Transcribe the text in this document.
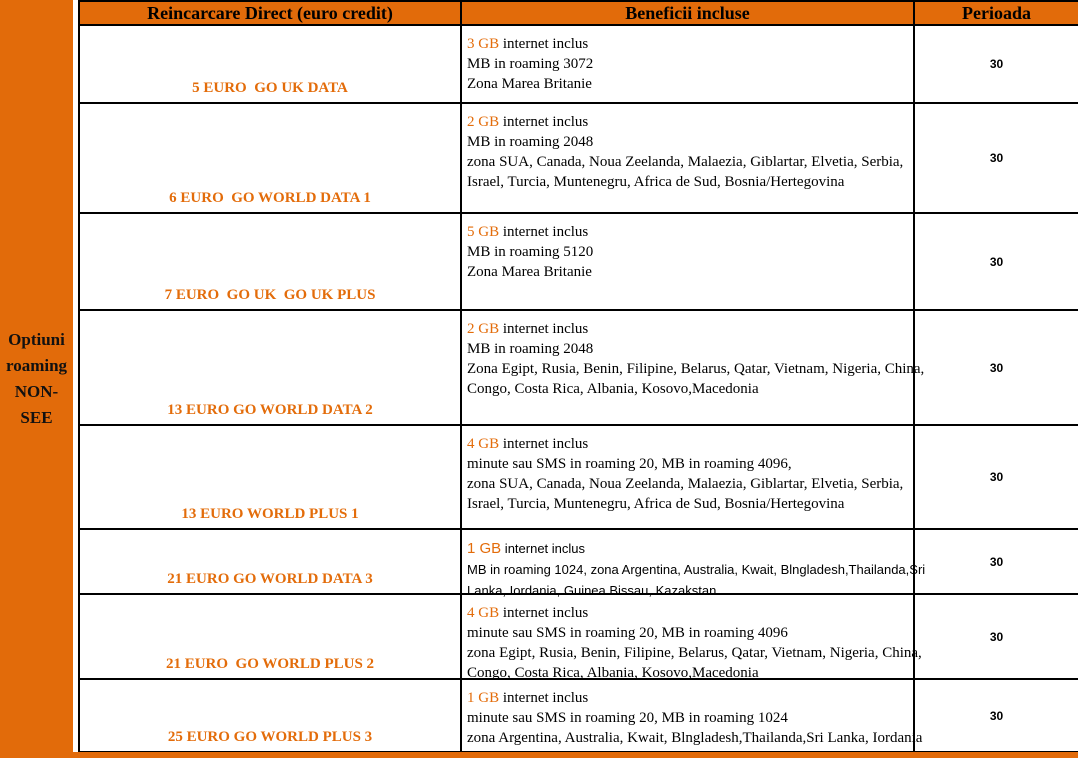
Optiuni roaming NON-SEE
Reincarcare Direct (euro credit)	Beneficii incluse	Perioada
5 EURO  GO UK DATA
3 GB internet inclus
MB in roaming 3072
Zona Marea Britanie
30
6 EURO  GO WORLD DATA 1
2 GB internet inclus
MB in roaming 2048
zona SUA, Canada, Noua Zeelanda, Malaezia, Giblartar, Elvetia, Serbia,
Israel, Turcia, Muntenegru, Africa de Sud, Bosnia/Hertegovina
30
7 EURO  GO UK  GO UK PLUS
5 GB internet inclus
MB in roaming 5120
Zona Marea Britanie
30
13 EURO GO WORLD DATA 2
2 GB internet inclus
MB in roaming 2048
Zona Egipt, Rusia, Benin, Filipine, Belarus, Qatar, Vietnam, Nigeria, China,
Congo, Costa Rica, Albania, Kosovo,Macedonia
30
13 EURO WORLD PLUS 1
4 GB internet inclus
minute sau SMS in roaming 20, MB in roaming 4096,
zona SUA, Canada, Noua Zeelanda, Malaezia, Giblartar, Elvetia, Serbia,
Israel, Turcia, Muntenegru, Africa de Sud, Bosnia/Hertegovina
30
21 EURO GO WORLD DATA 3
1 GB internet inclus
MB in roaming 1024, zona Argentina, Australia, Kwait, Blngladesh,Thailanda,Sri
Lanka, Iordania, Guinea Bissau, Kazakstan
30
21 EURO  GO WORLD PLUS 2
4 GB internet inclus
minute sau SMS in roaming 20, MB in roaming 4096
zona Egipt, Rusia, Benin, Filipine, Belarus, Qatar, Vietnam, Nigeria, China,
Congo, Costa Rica, Albania, Kosovo,Macedonia
30
25 EURO GO WORLD PLUS 3
1 GB internet inclus
minute sau SMS in roaming 20, MB in roaming 1024
zona Argentina, Australia, Kwait, Blngladesh,Thailanda,Sri Lanka, Iordania
30
